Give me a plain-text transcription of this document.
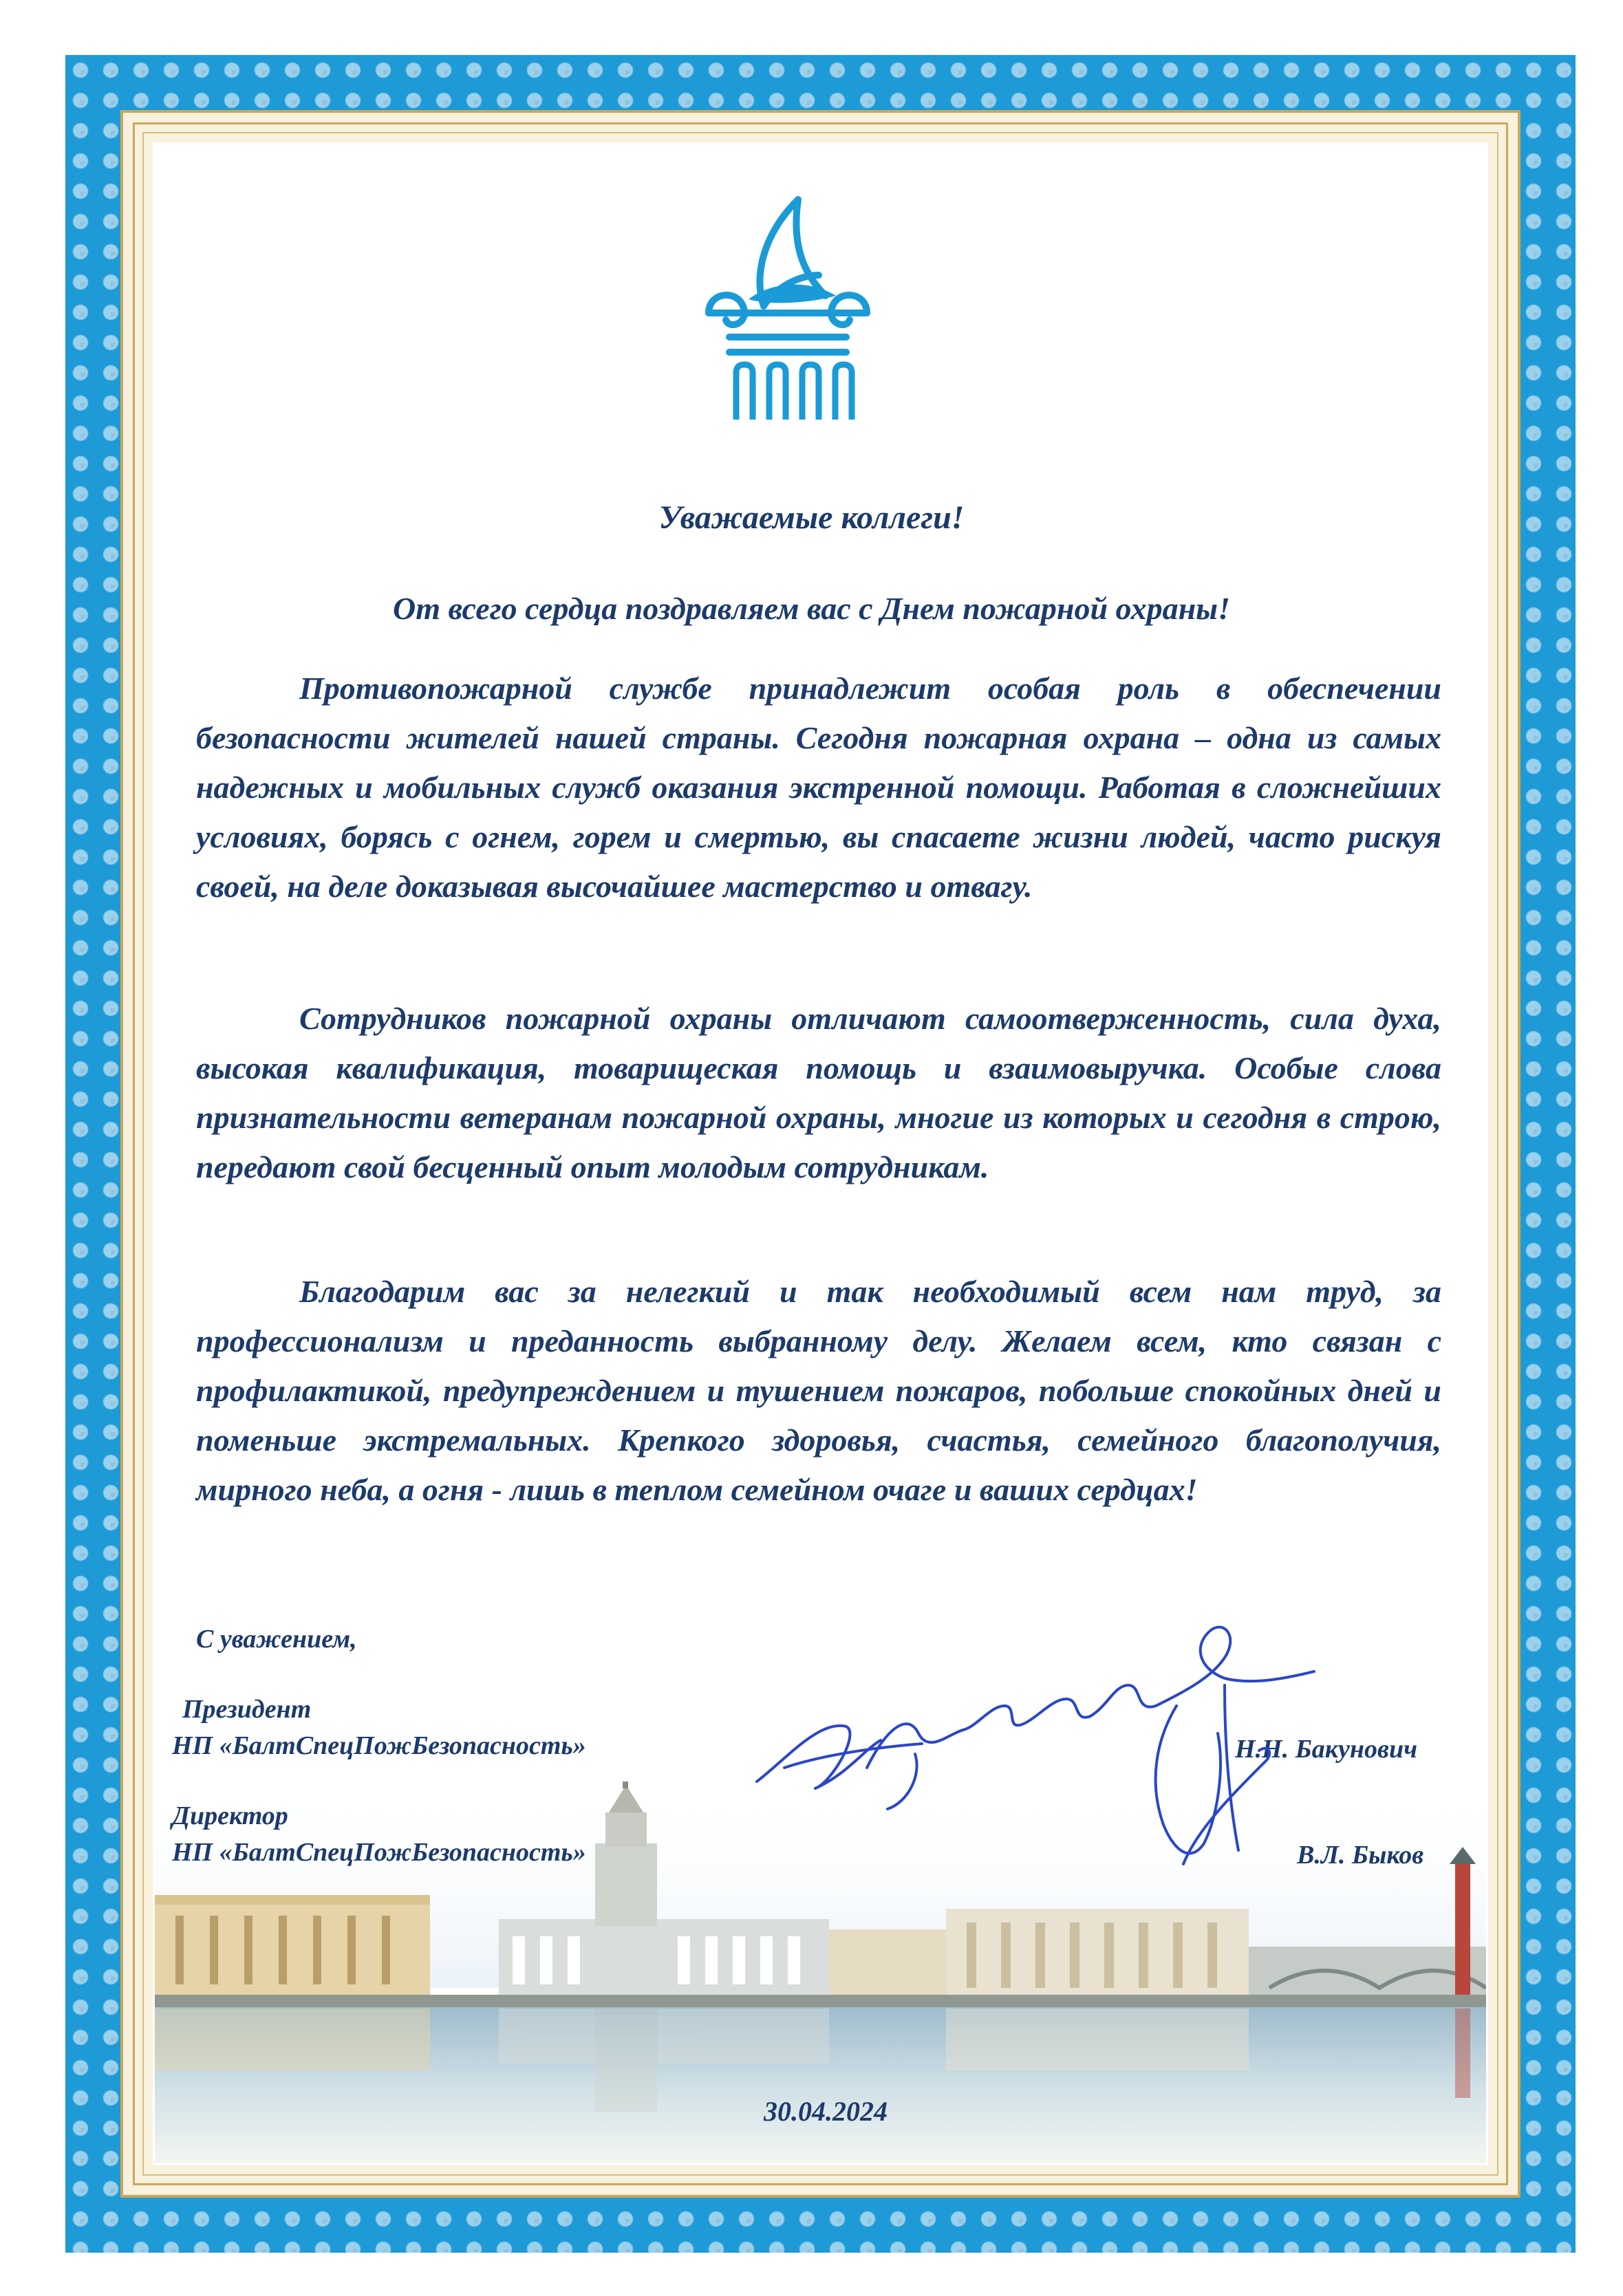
Уважаемые коллеги!
От всего сердца поздравляем вас с Днем пожарной охраны!

Противопожарной службе принадлежит особая роль в обеспечении безопасности жителей нашей страны. Сегодня пожарная охрана – одна из самых надежных и мобильных служб оказания экстренной помощи. Работая в сложнейших условиях, борясь с огнем, горем и смертью, вы спасаете жизни людей, часто рискуя своей, на деле доказывая высочайшее мастерство и отвагу.

Сотрудников пожарной охраны отличают самоотверженность, сила духа, высокая квалификация, товарищеская помощь и взаимовыручка. Особые слова признательности ветеранам пожарной охраны, многие из которых и сегодня в строю, передают свой бесценный опыт молодым сотрудникам.

Благодарим вас за нелегкий и так необходимый всем нам труд, за профессионализм и преданность выбранному делу. Желаем всем, кто связан с профилактикой, предупреждением и тушением пожаров, побольше спокойных дней и поменьше экстремальных. Крепкого здоровья, счастья, семейного благополучия, мирного неба, а огня - лишь в теплом семейном очаге и ваших сердцах!

С уважением,
Президент
НП «БалтСпецПожБезопасность»
Директор
НП «БалтСпецПожБезопасность»
Н.Н. Бакунович
В.Л. Быков
30.04.2024
